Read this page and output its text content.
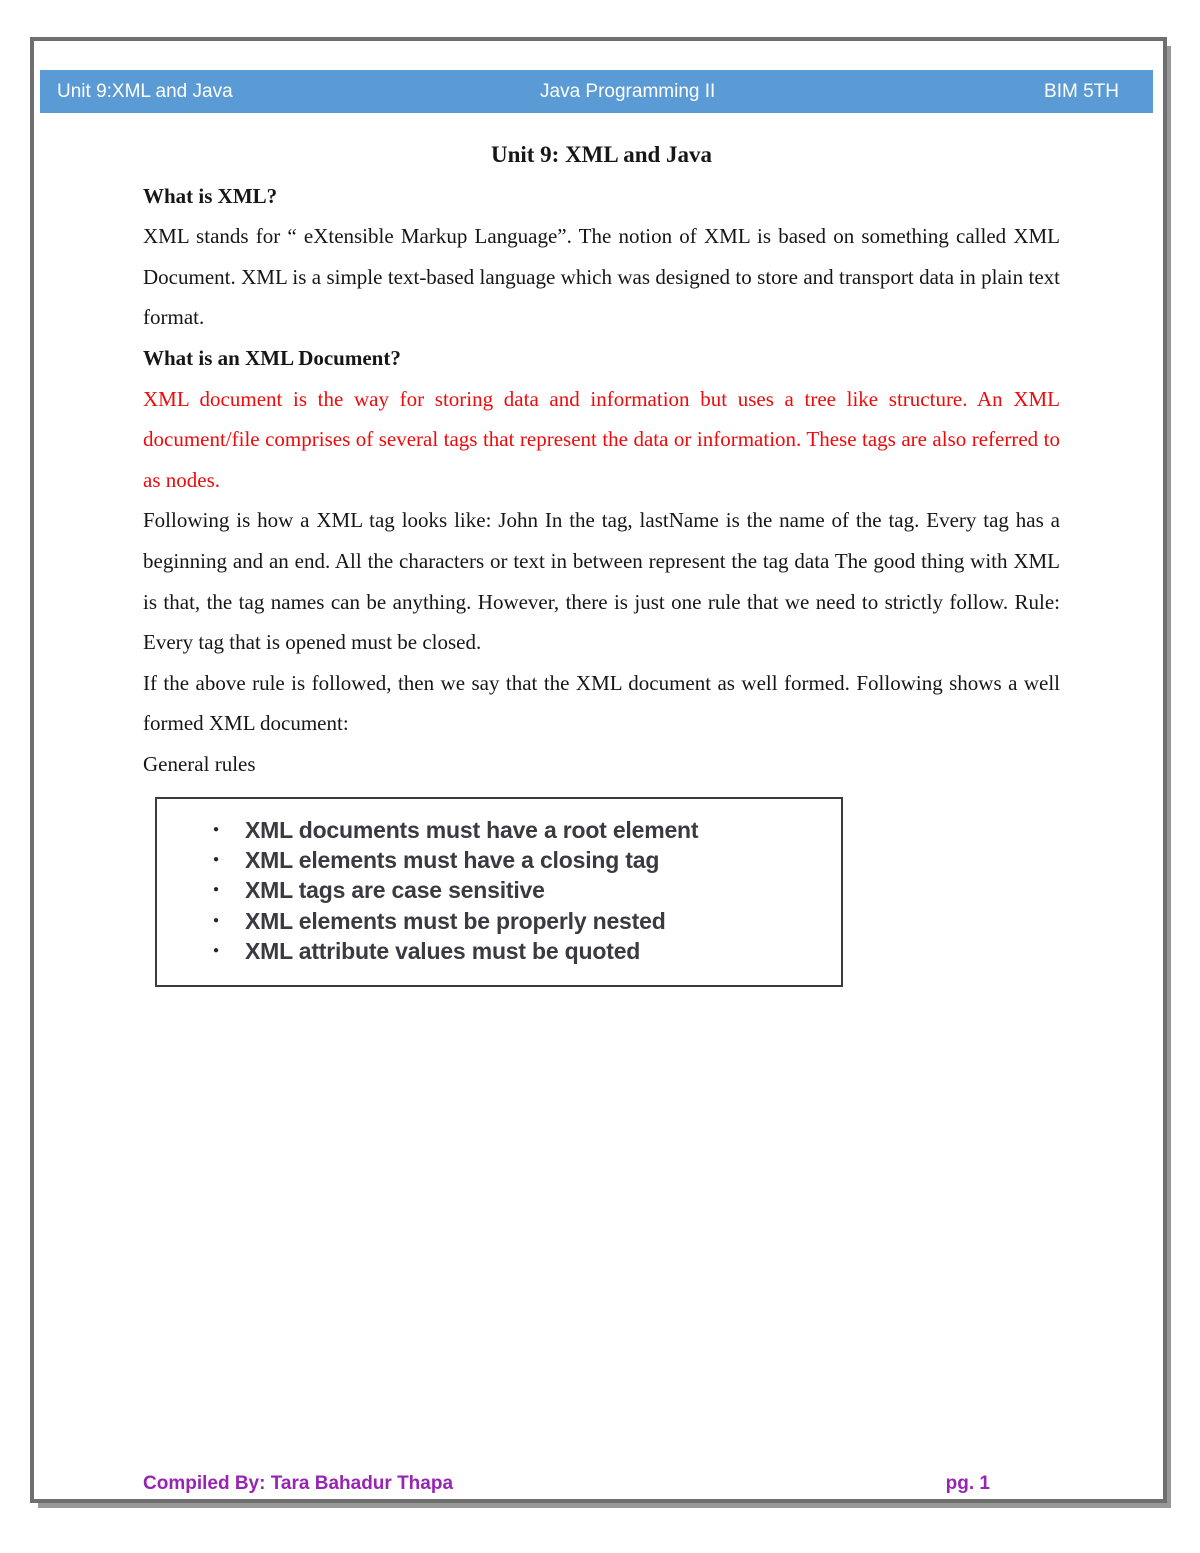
Unit 9:XML and Java	Java Programming II	BIM 5TH

Unit 9: XML and Java

What is XML?

XML stands for “ eXtensible Markup Language”. The notion of XML is based on something called XML Document. XML is a simple text-based language which was designed to store and transport data in plain text format.

What is an XML Document?

XML document is the way for storing data and information but uses a tree like structure. An XML document/file comprises of several tags that represent the data or information. These tags are also referred to as nodes.

Following is how a XML tag looks like: John In the tag, lastName is the name of the tag. Every tag has a beginning and an end. All the characters or text in between represent the tag data The good thing with XML is that, the tag names can be anything. However, there is just one rule that we need to strictly follow. Rule: Every tag that is opened must be closed.

If the above rule is followed, then we say that the XML document as well formed. Following shows a well formed XML document:

General rules

● XML documents must have a root element
● XML elements must have a closing tag
● XML tags are case sensitive
● XML elements must be properly nested
● XML attribute values must be quoted
Compiled By: Tara Bahadur Thapa	pg. 1
